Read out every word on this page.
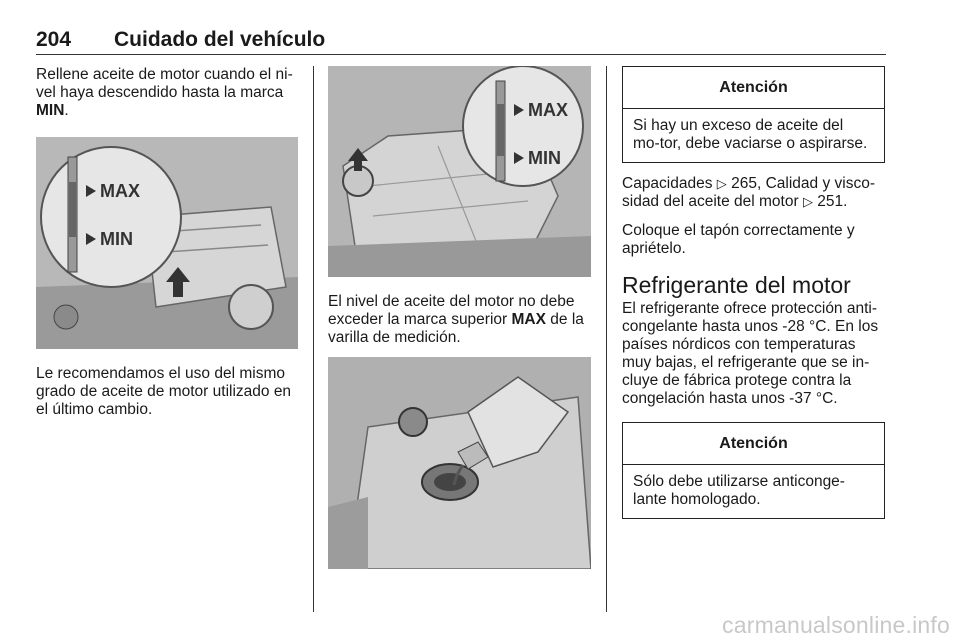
204 Cuidado del vehículo

Rellene aceite de motor cuando el ni-vel haya descendido hasta la marca MIN.

MAX
MIN

Le recomendamos el uso del mismo grado de aceite de motor utilizado en el último cambio.

MAX
MIN

El nivel de aceite del motor no debe exceder la marca superior MAX de la varilla de medición.

Atención
Si hay un exceso de aceite del mo-tor, debe vaciarse o aspirarse.

Capacidades ▷ 265, Calidad y visco-sidad del aceite del motor ▷ 251.

Coloque el tapón correctamente y apriételo.

Refrigerante del motor

El refrigerante ofrece protección anti-congelante hasta unos -28 °C. En los países nórdicos con temperaturas muy bajas, el refrigerante que se in-cluye de fábrica protege contra la congelación hasta unos -37 °C.

Atención
Sólo debe utilizarse anticonge-lante homologado.
carmanualsonline.info
